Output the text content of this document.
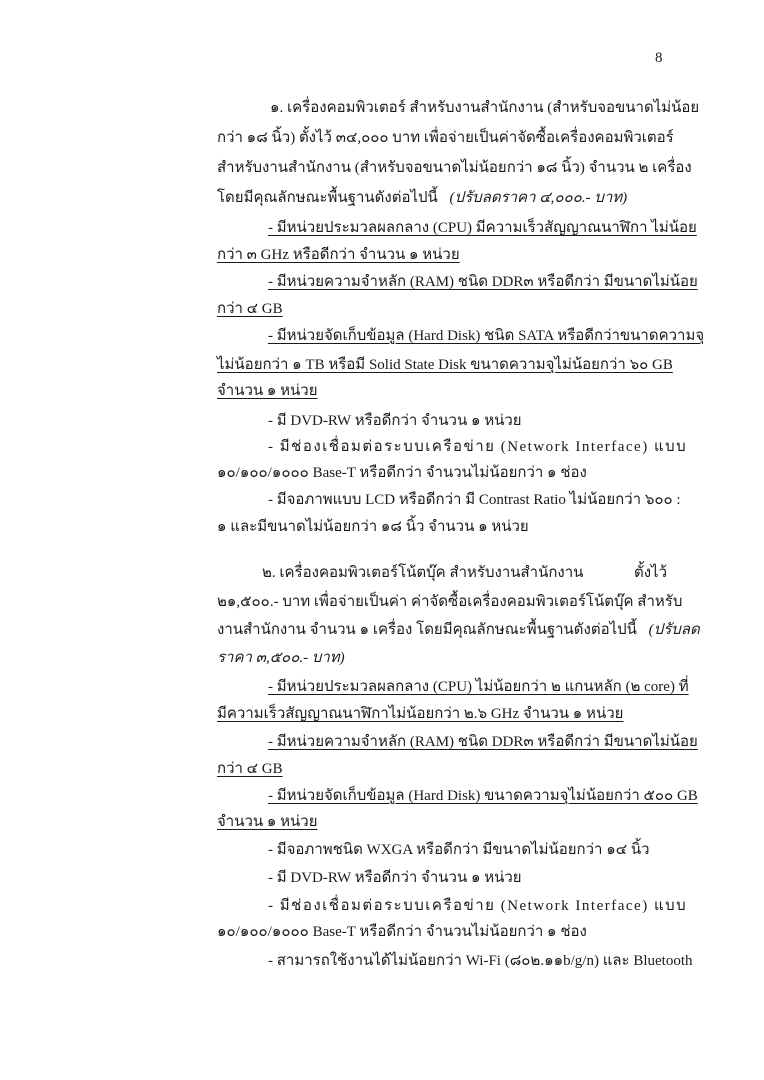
8
๑. เครื่องคอมพิวเตอร์ สำหรับงานสำนักงาน (สำหรับจอขนาดไม่น้อย
กว่า ๑๘ นิ้ว) ตั้งไว้ ๓๔,๐๐๐ บาท เพื่อจ่ายเป็นค่าจัดซื้อเครื่องคอมพิวเตอร์
สำหรับงานสำนักงาน (สำหรับจอขนาดไม่น้อยกว่า ๑๘ นิ้ว) จำนวน ๒ เครื่อง
โดยมีคุณลักษณะพื้นฐานดังต่อไปนี้ (ปรับลดราคา ๔,๐๐๐.- บาท)
- มีหน่วยประมวลผลกลาง (CPU) มีความเร็วสัญญาณนาฬิกา ไม่น้อย
กว่า ๓ GHz หรือดีกว่า จำนวน ๑ หน่วย
- มีหน่วยความจำหลัก (RAM) ชนิด DDR๓ หรือดีกว่า มีขนาดไม่น้อย
กว่า ๔ GB
- มีหน่วยจัดเก็บข้อมูล (Hard Disk) ชนิด SATA หรือดีกว่าขนาดความจุ
ไม่น้อยกว่า ๑ TB หรือมี Solid State Disk ขนาดความจุไม่น้อยกว่า ๖๐ GB
จำนวน ๑ หน่วย
- มี DVD-RW หรือดีกว่า จำนวน ๑ หน่วย
- มีช่องเชื่อมต่อระบบเครือข่าย (Network Interface) แบบ
๑๐/๑๐๐/๑๐๐๐ Base-T หรือดีกว่า จำนวนไม่น้อยกว่า ๑ ช่อง
- มีจอภาพแบบ LCD หรือดีกว่า มี Contrast Ratio ไม่น้อยกว่า ๖๐๐ :
๑ และมีขนาดไม่น้อยกว่า ๑๘ นิ้ว จำนวน ๑ หน่วย
๒. เครื่องคอมพิวเตอร์โน้ตบุ๊ค สำหรับงานสำนักงาน	ตั้งไว้
๒๑,๕๐๐.- บาท เพื่อจ่ายเป็นค่า ค่าจัดซื้อเครื่องคอมพิวเตอร์โน้ตบุ๊ค สำหรับ
งานสำนักงาน จำนวน ๑ เครื่อง โดยมีคุณลักษณะพื้นฐานดังต่อไปนี้ (ปรับลด
ราคา ๓,๕๐๐.- บาท)
- มีหน่วยประมวลผลกลาง (CPU) ไม่น้อยกว่า ๒ แกนหลัก (๒ core) ที่
มีความเร็วสัญญาณนาฬิกาไม่น้อยกว่า ๒.๖ GHz จำนวน ๑ หน่วย
- มีหน่วยความจำหลัก (RAM) ชนิด DDR๓ หรือดีกว่า มีขนาดไม่น้อย
กว่า ๔ GB
- มีหน่วยจัดเก็บข้อมูล (Hard Disk) ขนาดความจุไม่น้อยกว่า ๕๐๐ GB
จำนวน ๑ หน่วย
- มีจอภาพชนิด WXGA หรือดีกว่า มีขนาดไม่น้อยกว่า ๑๔ นิ้ว
- มี DVD-RW หรือดีกว่า จำนวน ๑ หน่วย
- มีช่องเชื่อมต่อระบบเครือข่าย (Network Interface) แบบ
๑๐/๑๐๐/๑๐๐๐ Base-T หรือดีกว่า จำนวนไม่น้อยกว่า ๑ ช่อง
- สามารถใช้งานได้ไม่น้อยกว่า Wi-Fi (๘๐๒.๑๑b/g/n) และ Bluetooth
